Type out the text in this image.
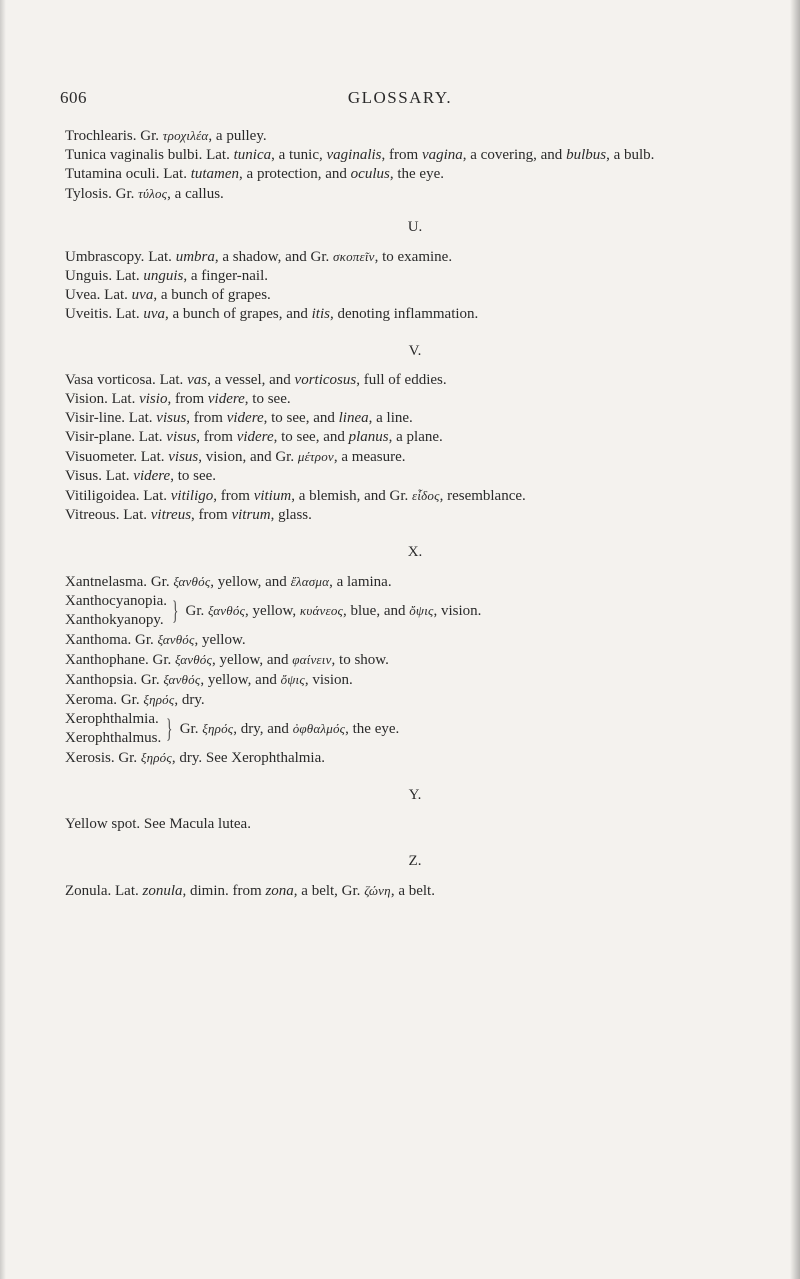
606	GLOSSARY.

Trochlearis. Gr. τροχιλέα, a pulley.

Tunica vaginalis bulbi. Lat. tunica, a tunic, vaginalis, from vagina, a covering, and bulbus, a bulb.

Tutamina oculi. Lat. tutamen, a protection, and oculus, the eye.

Tylosis. Gr. τύλος, a callus.

U.

Umbrascopy. Lat. umbra, a shadow, and Gr. σκοπεῖν, to examine.

Unguis. Lat. unguis, a finger-nail.

Uvea. Lat. uva, a bunch of grapes.

Uveitis. Lat. uva, a bunch of grapes, and itis, denoting inflammation.

V.

Vasa vorticosa. Lat. vas, a vessel, and vorticosus, full of eddies.

Vision. Lat. visio, from videre, to see.

Visir-line. Lat. visus, from videre, to see, and linea, a line.

Visir-plane. Lat. visus, from videre, to see, and planus, a plane.

Visuometer. Lat. visus, vision, and Gr. μέτρον, a measure.

Visus. Lat. videre, to see.

Vitiligoidea. Lat. vitiligo, from vitium, a blemish, and Gr. εἶδος, resemblance.

Vitreous. Lat. vitreus, from vitrum, glass.

X.

Xantnelasma. Gr. ξανθός, yellow, and ἔλασμα, a lamina.

Xanthocyanopia.
Xanthokyanopy. } Gr. ξανθός, yellow, κυάνεος, blue, and ὄψις, vision.

Xanthoma. Gr. ξανθός, yellow.

Xanthophane. Gr. ξανθός, yellow, and φαίνειν, to show.

Xanthopsia. Gr. ξανθός, yellow, and ὄψις, vision.

Xeroma. Gr. ξηρός, dry.

Xerophthalmia.
Xerophthalmus. } Gr. ξηρός, dry, and ὀφθαλμός, the eye.

Xerosis. Gr. ξηρός, dry. See Xerophthalmia.

Y.

Yellow spot. See Macula lutea.

Z.

Zonula. Lat. zonula, dimin. from zona, a belt, Gr. ζώνη, a belt.
